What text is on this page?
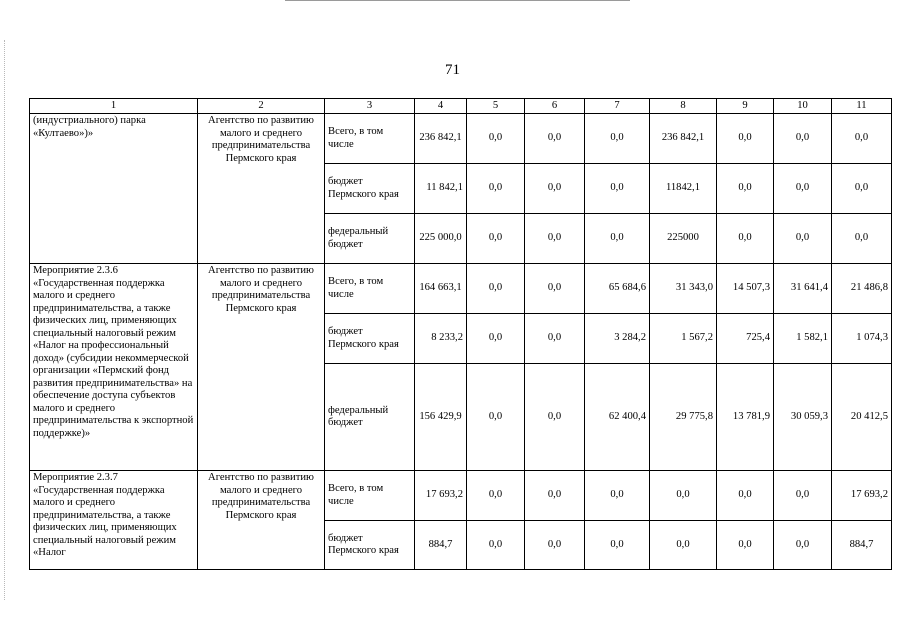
71
1	2	3	4	5	6	7	8	9	10	11
(индустриального) парка «Култаево»)»	Агентство по развитию малого и среднего предпринимательства Пермского края	Всего, в том числе	236 842,1	0,0	0,0	0,0	236 842,1	0,0	0,0	0,0
		бюджет Пермского края	11 842,1	0,0	0,0	0,0	11842,1	0,0	0,0	0,0
		федеральный бюджет	225 000,0	0,0	0,0	0,0	225000	0,0	0,0	0,0
Мероприятие 2.3.6 «Государственная поддержка малого и среднего предпринимательства, а также физических лиц, применяющих специальный налоговый режим «Налог на профессиональный доход» (субсидии некоммерческой организации «Пермский фонд развития предпринимательства» на обеспечение доступа субъектов малого и среднего предпринимательства к экспортной поддержке)»	Агентство по развитию малого и среднего предпринимательства Пермского края	Всего, в том числе	164 663,1	0,0	0,0	65 684,6	31 343,0	14 507,3	31 641,4	21 486,8
		бюджет Пермского края	8 233,2	0,0	0,0	3 284,2	1 567,2	725,4	1 582,1	1 074,3
		федеральный бюджет	156 429,9	0,0	0,0	62 400,4	29 775,8	13 781,9	30 059,3	20 412,5
Мероприятие 2.3.7 «Государственная поддержка малого и среднего предпринимательства, а также физических лиц, применяющих специальный налоговый режим «Налог	Агентство по развитию малого и среднего предпринимательства Пермского края	Всего, в том числе	17 693,2	0,0	0,0	0,0	0,0	0,0	0,0	17 693,2
		бюджет Пермского края	884,7	0,0	0,0	0,0	0,0	0,0	0,0	884,7
